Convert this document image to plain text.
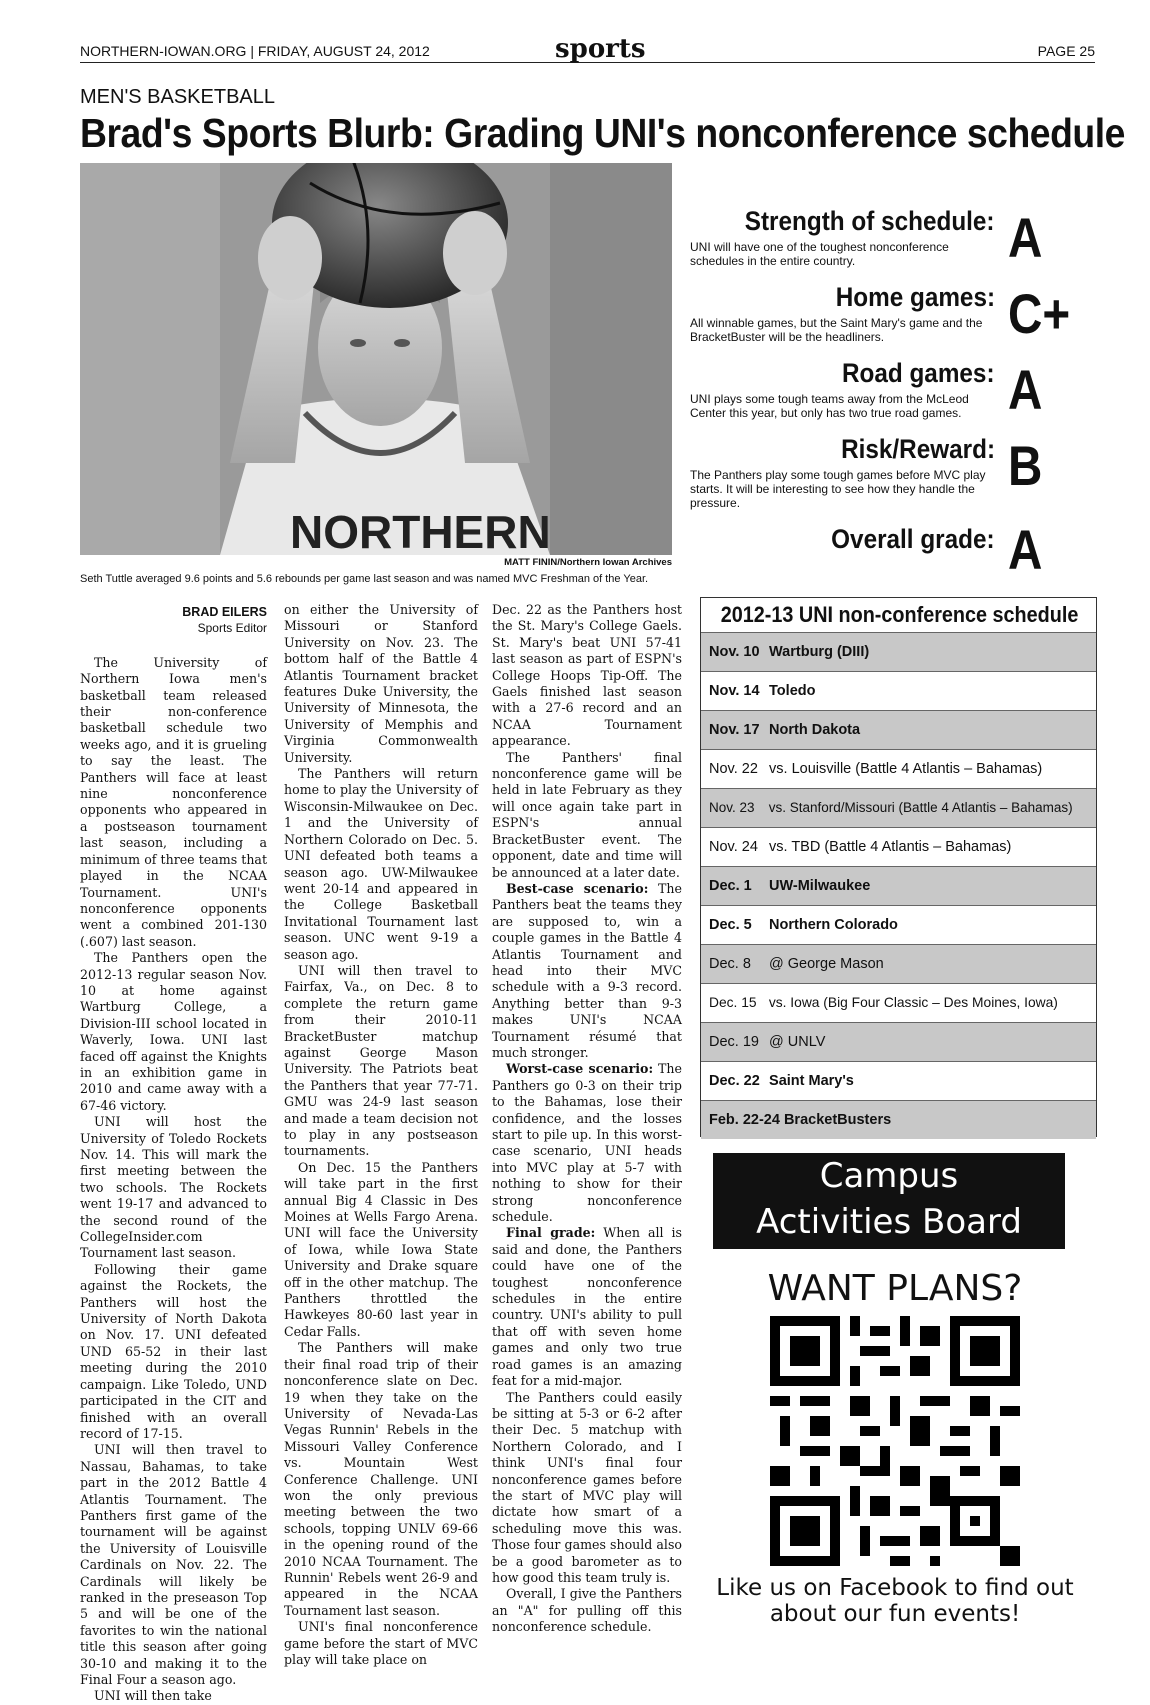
NORTHERN-IOWAN.ORG | FRIDAY, AUGUST 24, 2012	sports	PAGE 25
MEN'S BASKETBALL
Brad's Sports Blurb: Grading UNI's nonconference schedule
NORTHERN
MATT FININ/Northern Iowan Archives
Seth Tuttle averaged 9.6 points and 5.6 rebounds per game last season and was named MVC Freshman of the Year.
Strength of schedule:
UNI will have one of the toughest nonconference schedules in the entire country.	A
Home games:
All winnable games, but the Saint Mary's game and the BracketBuster will be the headliners.	C+
Road games:
UNI plays some tough teams away from the McLeod Center this year, but only has two true road games. A
Risk/Reward:
The Panthers play some tough games before MVC play starts. It will be interesting to see how they handle the pressure.
B
Overall grade: A
BRAD EILERS
Sports Editor

The University of Northern Iowa men's basketball team released their non-conference basketball schedule two weeks ago, and it is grueling to say the least. The Panthers will face at least nine nonconference opponents who appeared in a postseason tournament last season, including a minimum of three teams that played in the NCAA Tournament. UNI's nonconference opponents went a combined 201-130 (.607) last season.

The Panthers open the 2012-13 regular season Nov. 10 at home against Wartburg College, a Division-III school located in Waverly, Iowa. UNI last faced off against the Knights in an exhibition game in 2010 and came away with a 67-46 victory.

UNI will host the University of Toledo Rockets Nov. 14. This will mark the first meeting between the two schools. The Rockets went 19-17 and advanced to the second round of the CollegeInsider.com Tournament last season.

Following their game against the Rockets, the Panthers will host the University of North Dakota on Nov. 17. UNI defeated UND 65-52 in their last meeting during the 2010 campaign. Like Toledo, UND participated in the CIT and finished with an overall record of 17-15.

UNI will then travel to Nassau, Bahamas, to take part in the 2012 Battle 4 Atlantis Tournament. The Panthers first game of the tournament will be against the University of Louisville Cardinals on Nov. 22. The Cardinals will likely be ranked in the preseason Top 5 and will be one of the favorites to win the national title this season after going 30-10 and making it to the Final Four a season ago.

UNI will then take

on either the University of Missouri or Stanford University on Nov. 23. The bottom half of the Battle 4 Atlantis Tournament bracket features Duke University, the University of Minnesota, the University of Memphis and Virginia Commonwealth University.

The Panthers will return home to play the University of Wisconsin-Milwaukee on Dec. 1 and the University of Northern Colorado on Dec. 5. UNI defeated both teams a season ago. UW-Milwaukee went 20-14 and appeared in the College Basketball Invitational Tournament last season. UNC went 9-19 a season ago.

UNI will then travel to Fairfax, Va., on Dec. 8 to complete the return game from their 2010-11 BracketBuster matchup against George Mason University. The Patriots beat the Panthers that year 77-71. GMU was 24-9 last season and made a team decision not to play in any postseason tournaments.

On Dec. 15 the Panthers will take part in the first annual Big 4 Classic in Des Moines at Wells Fargo Arena. UNI will face the University of Iowa, while Iowa State University and Drake square off in the other matchup. The Panthers throttled the Hawkeyes 80-60 last year in Cedar Falls.

The Panthers will make their final road trip of their nonconference slate on Dec. 19 when they take on the University of Nevada-Las Vegas Runnin' Rebels in the Missouri Valley Conference vs. Mountain West Conference Challenge. UNI won the only previous meeting between the two schools, topping UNLV 69-66 in the opening round of the 2010 NCAA Tournament. The Runnin' Rebels went 26-9 and appeared in the NCAA Tournament last season.

UNI's final nonconference game before the start of MVC play will take place on

Dec. 22 as the Panthers host the St. Mary's College Gaels. St. Mary's beat UNI 57-41 last season as part of ESPN's College Hoops Tip-Off. The Gaels finished last season with a 27-6 record and an NCAA Tournament appearance.

The Panthers' final nonconference game will be held in late February as they will once again take part in ESPN's annual BracketBuster event. The opponent, date and time will be announced at a later date.

Best-case scenario: The Panthers beat the teams they are supposed to, win a couple games in the Battle 4 Atlantis Tournament and head into their MVC schedule with a 9-3 record. Anything better than 9-3 makes UNI's NCAA Tournament résumé that much stronger.

Worst-case scenario: The Panthers go 0-3 on their trip to the Bahamas, lose their confidence, and the losses start to pile up. In this worst-case scenario, UNI heads into MVC play at 5-7 with nothing to show for their strong nonconference schedule.

Final grade: When all is said and done, the Panthers could have one of the toughest nonconference schedules in the entire country. UNI's ability to pull that off with seven home games and only two true road games is an amazing feat for a mid-major.

The Panthers could easily be sitting at 5-3 or 6-2 after their Dec. 5 matchup with Northern Colorado, and I think UNI's final four nonconference games before the start of MVC play will dictate how smart of a scheduling move this was. Those four games should also be a good barometer as to how good this team truly is.

Overall, I give the Panthers an "A" for pulling off this nonconference schedule.

2012-13 UNI non-conference schedule
Nov. 10 Wartburg (DIII)
Nov. 14 Toledo
Nov. 17 North Dakota
Nov. 22 vs. Louisville (Battle 4 Atlantis – Bahamas)
Nov. 23 vs. Stanford/Missouri (Battle 4 Atlantis – Bahamas)
Nov. 24 vs. TBD (Battle 4 Atlantis – Bahamas)
Dec. 1 UW-Milwaukee
Dec. 5 Northern Colorado
Dec. 8 @ George Mason
Dec. 15 vs. Iowa (Big Four Classic – Des Moines, Iowa)
Dec. 19 @ UNLV
Dec. 22 Saint Mary's
Feb. 22-24 BracketBusters
Campus
Activities Board
WANT PLANS?
Like us on Facebook to find out about our fun events!
